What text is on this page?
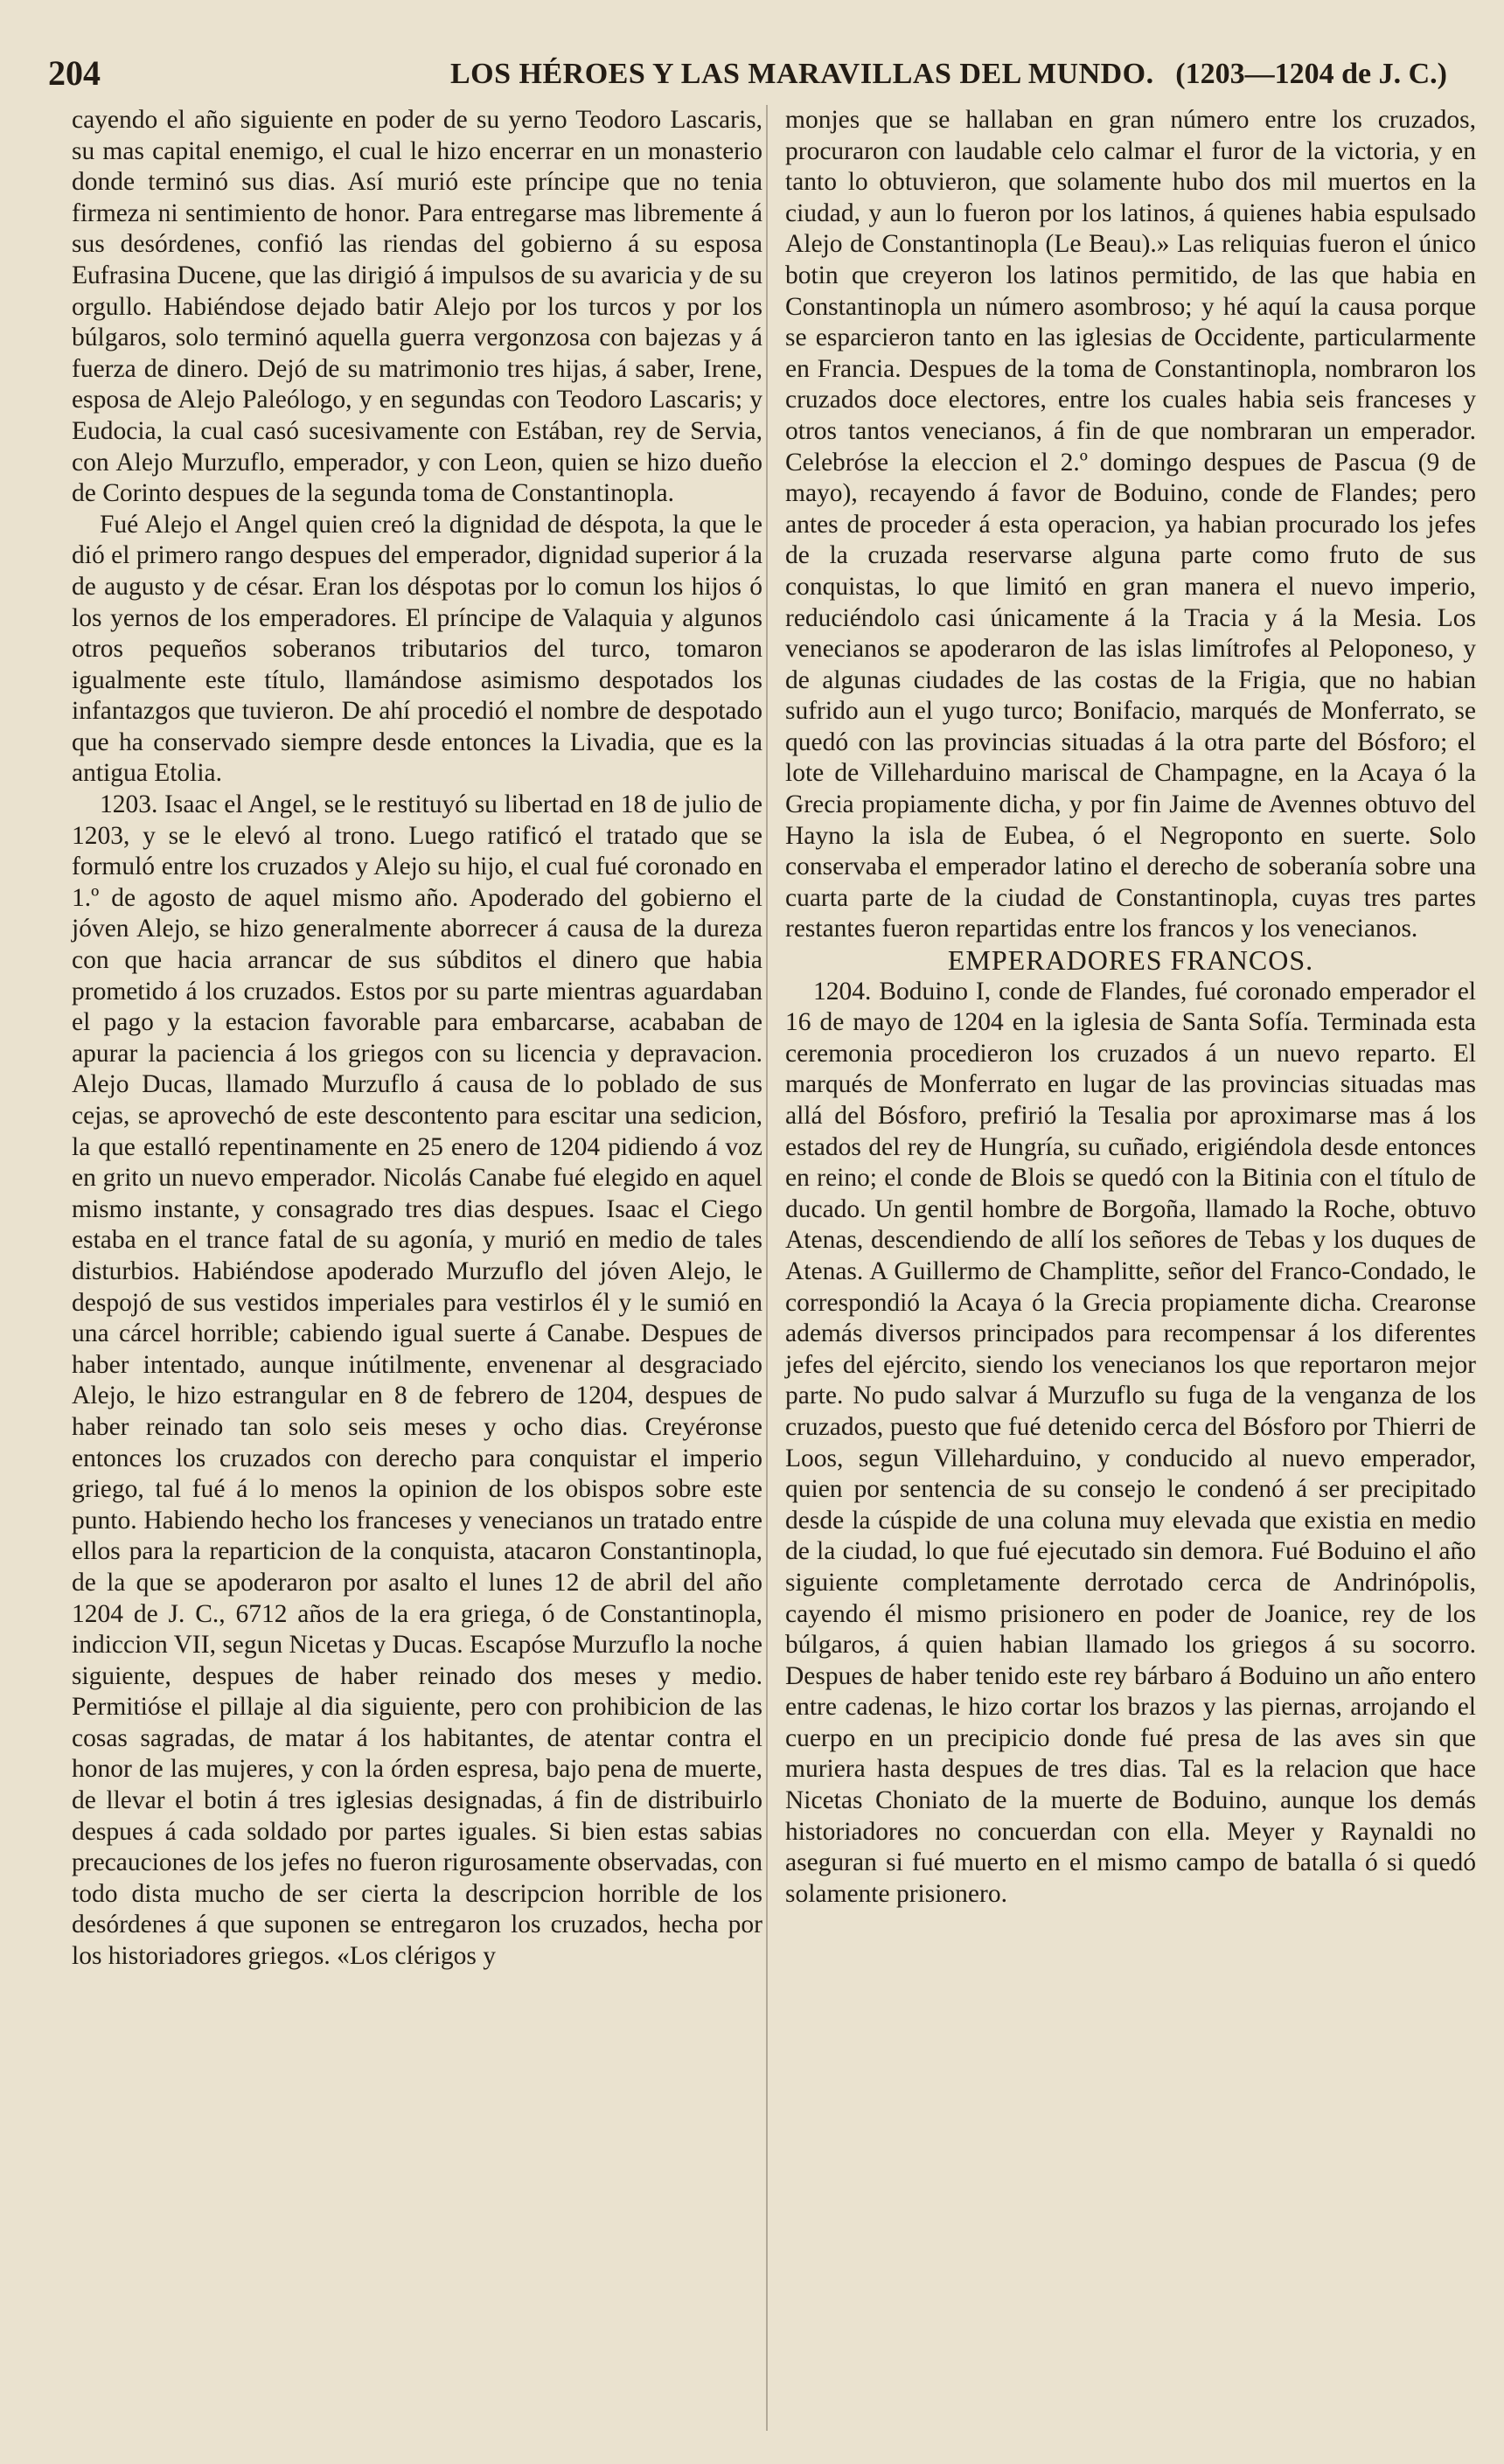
204	LOS HÉROES Y LAS MARAVILLAS DEL MUNDO. (1203—1204 de J. C.)

cayendo el año siguiente en poder de su yerno Teodoro Lascaris, su mas capital enemigo, el cual le hizo encerrar en un monasterio donde terminó sus dias. Así murió este príncipe que no tenia firmeza ni sentimiento de honor. Para entregarse mas libremente á sus desórdenes, confió las riendas del gobierno á su esposa Eufrasina Ducene, que las dirigió á impulsos de su avaricia y de su orgullo. Habiéndose dejado batir Alejo por los turcos y por los búlgaros, solo terminó aquella guerra vergonzosa con bajezas y á fuerza de dinero. Dejó de su matrimonio tres hijas, á saber, Irene, esposa de Alejo Paleólogo, y en segundas con Teodoro Lascaris; y Eudocia, la cual casó sucesivamente con Estában, rey de Servia, con Alejo Murzuflo, emperador, y con Leon, quien se hizo dueño de Corinto despues de la segunda toma de Constantinopla.

Fué Alejo el Angel quien creó la dignidad de déspota, la que le dió el primero rango despues del emperador, dignidad superior á la de augusto y de césar. Eran los déspotas por lo comun los hijos ó los yernos de los emperadores. El príncipe de Valaquia y algunos otros pequeños soberanos tributarios del turco, tomaron igualmente este título, llamándose asimismo despotados los infantazgos que tuvieron. De ahí procedió el nombre de despotado que ha conservado siempre desde entonces la Livadia, que es la antigua Etolia.

1203. Isaac el Angel, se le restituyó su libertad en 18 de julio de 1203, y se le elevó al trono. Luego ratificó el tratado que se formuló entre los cruzados y Alejo su hijo, el cual fué coronado en 1.º de agosto de aquel mismo año. Apoderado del gobierno el jóven Alejo, se hizo generalmente aborrecer á causa de la dureza con que hacia arrancar de sus súbditos el dinero que habia prometido á los cruzados. Estos por su parte mientras aguardaban el pago y la estacion favorable para embarcarse, acababan de apurar la paciencia á los griegos con su licencia y depravacion. Alejo Ducas, llamado Murzuflo á causa de lo poblado de sus cejas, se aprovechó de este descontento para escitar una sedicion, la que estalló repentinamente en 25 enero de 1204 pidiendo á voz en grito un nuevo emperador. Nicolás Canabe fué elegido en aquel mismo instante, y consagrado tres dias despues. Isaac el Ciego estaba en el trance fatal de su agonía, y murió en medio de tales disturbios. Habiéndose apoderado Murzuflo del jóven Alejo, le despojó de sus vestidos imperiales para vestirlos él y le sumió en una cárcel horrible; cabiendo igual suerte á Canabe. Despues de haber intentado, aunque inútilmente, envenenar al desgraciado Alejo, le hizo estrangular en 8 de febrero de 1204, despues de haber reinado tan solo seis meses y ocho dias. Creyéronse entonces los cruzados con derecho para conquistar el imperio griego, tal fué á lo menos la opinion de los obispos sobre este punto. Habiendo hecho los franceses y venecianos un tratado entre ellos para la reparticion de la conquista, atacaron Constantinopla, de la que se apoderaron por asalto el lunes 12 de abril del año 1204 de J. C., 6712 años de la era griega, ó de Constantinopla, indiccion VII, segun Nicetas y Ducas. Escapóse Murzuflo la noche siguiente, despues de haber reinado dos meses y medio. Permitióse el pillaje al dia siguiente, pero con prohibicion de las cosas sagradas, de matar á los habitantes, de atentar contra el honor de las mujeres, y con la órden espresa, bajo pena de muerte, de llevar el botin á tres iglesias designadas, á fin de distribuirlo despues á cada soldado por partes iguales. Si bien estas sabias precauciones de los jefes no fueron rigurosamente observadas, con todo dista mucho de ser cierta la descripcion horrible de los desórdenes á que suponen se entregaron los cruzados, hecha por los historiadores griegos. «Los clérigos y

monjes que se hallaban en gran número entre los cruzados, procuraron con laudable celo calmar el furor de la victoria, y en tanto lo obtuvieron, que solamente hubo dos mil muertos en la ciudad, y aun lo fueron por los latinos, á quienes habia espulsado Alejo de Constantinopla (Le Beau).» Las reliquias fueron el único botin que creyeron los latinos permitido, de las que habia en Constantinopla un número asombroso; y hé aquí la causa porque se esparcieron tanto en las iglesias de Occidente, particularmente en Francia. Despues de la toma de Constantinopla, nombraron los cruzados doce electores, entre los cuales habia seis franceses y otros tantos venecianos, á fin de que nombraran un emperador. Celebróse la eleccion el 2.º domingo despues de Pascua (9 de mayo), recayendo á favor de Boduino, conde de Flandes; pero antes de proceder á esta operacion, ya habian procurado los jefes de la cruzada reservarse alguna parte como fruto de sus conquistas, lo que limitó en gran manera el nuevo imperio, reduciéndolo casi únicamente á la Tracia y á la Mesia. Los venecianos se apoderaron de las islas limítrofes al Peloponeso, y de algunas ciudades de las costas de la Frigia, que no habian sufrido aun el yugo turco; Bonifacio, marqués de Monferrato, se quedó con las provincias situadas á la otra parte del Bósforo; el lote de Villeharduino mariscal de Champagne, en la Acaya ó la Grecia propiamente dicha, y por fin Jaime de Avennes obtuvo del Hayno la isla de Eubea, ó el Negroponto en suerte. Solo conservaba el emperador latino el derecho de soberanía sobre una cuarta parte de la ciudad de Constantinopla, cuyas tres partes restantes fueron repartidas entre los francos y los venecianos.

EMPERADORES FRANCOS.

1204. Boduino I, conde de Flandes, fué coronado emperador el 16 de mayo de 1204 en la iglesia de Santa Sofía. Terminada esta ceremonia procedieron los cruzados á un nuevo reparto. El marqués de Monferrato en lugar de las provincias situadas mas allá del Bósforo, prefirió la Tesalia por aproximarse mas á los estados del rey de Hungría, su cuñado, erigiéndola desde entonces en reino; el conde de Blois se quedó con la Bitinia con el título de ducado. Un gentil hombre de Borgoña, llamado la Roche, obtuvo Atenas, descendiendo de allí los señores de Tebas y los duques de Atenas. A Guillermo de Champlitte, señor del Franco-Condado, le correspondió la Acaya ó la Grecia propiamente dicha. Crearonse además diversos principados para recompensar á los diferentes jefes del ejército, siendo los venecianos los que reportaron mejor parte. No pudo salvar á Murzuflo su fuga de la venganza de los cruzados, puesto que fué detenido cerca del Bósforo por Thierri de Loos, segun Villeharduino, y conducido al nuevo emperador, quien por sentencia de su consejo le condenó á ser precipitado desde la cúspide de una coluna muy elevada que existia en medio de la ciudad, lo que fué ejecutado sin demora. Fué Boduino el año siguiente completamente derrotado cerca de Andrinópolis, cayendo él mismo prisionero en poder de Joanice, rey de los búlgaros, á quien habian llamado los griegos á su socorro. Despues de haber tenido este rey bárbaro á Boduino un año entero entre cadenas, le hizo cortar los brazos y las piernas, arrojando el cuerpo en un precipicio donde fué presa de las aves sin que muriera hasta despues de tres dias. Tal es la relacion que hace Nicetas Choniato de la muerte de Boduino, aunque los demás historiadores no concuerdan con ella. Meyer y Raynaldi no aseguran si fué muerto en el mismo campo de batalla ó si quedó solamente prisionero.
